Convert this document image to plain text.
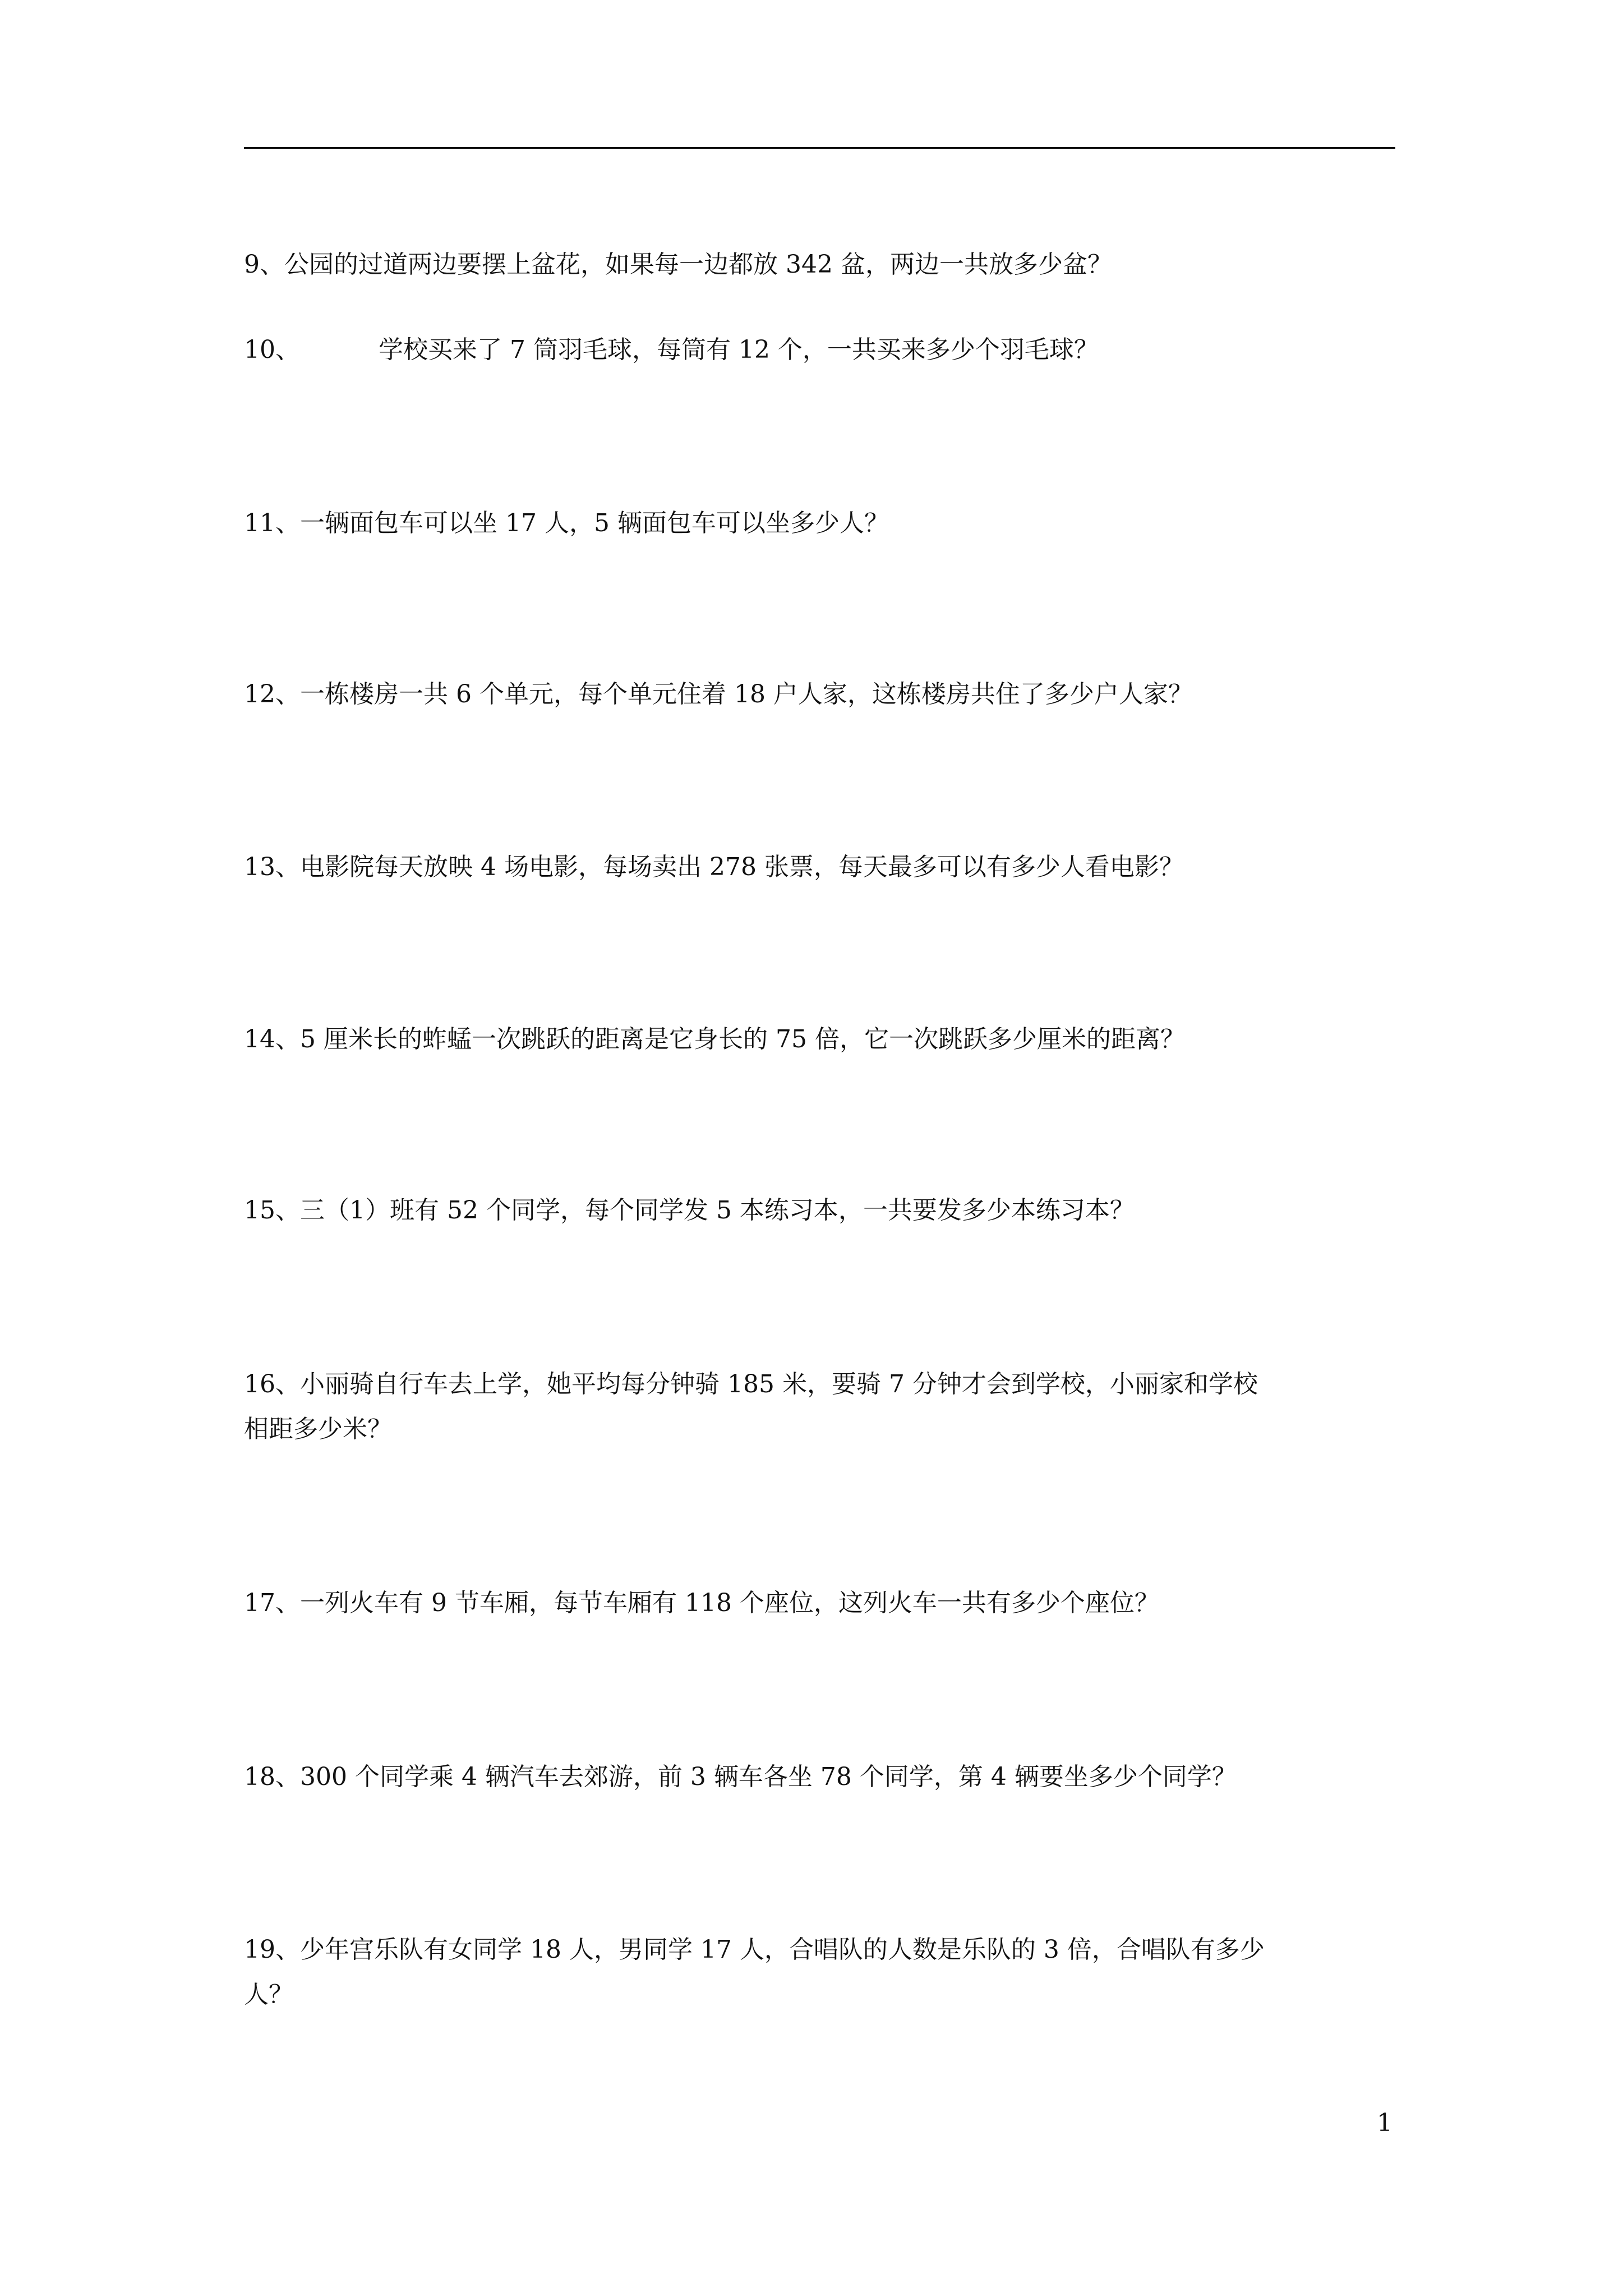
9、公园的过道两边要摆上盆花，如果每一边都放 342 盆，两边一共放多少盆？
10、	学校买来了 7 筒羽毛球，每筒有 12 个，一共买来多少个羽毛球？
11、一辆面包车可以坐 17 人，5 辆面包车可以坐多少人？
12、一栋楼房一共 6 个单元，每个单元住着 18 户人家，这栋楼房共住了多少户人家？
13、电影院每天放映 4 场电影，每场卖出 278 张票，每天最多可以有多少人看电影？
14、5 厘米长的蚱蜢一次跳跃的距离是它身长的 75 倍，它一次跳跃多少厘米的距离？
15、三（1）班有 52 个同学，每个同学发 5 本练习本，一共要发多少本练习本？
16、小丽骑自行车去上学，她平均每分钟骑 185 米，要骑 7 分钟才会到学校，小丽家和学校
相距多少米？
17、一列火车有 9 节车厢，每节车厢有 118 个座位，这列火车一共有多少个座位？
18、300 个同学乘 4 辆汽车去郊游，前 3 辆车各坐 78 个同学，第 4 辆要坐多少个同学？
19、少年宫乐队有女同学 18 人，男同学 17 人，合唱队的人数是乐队的 3 倍，合唱队有多少
人？
1
